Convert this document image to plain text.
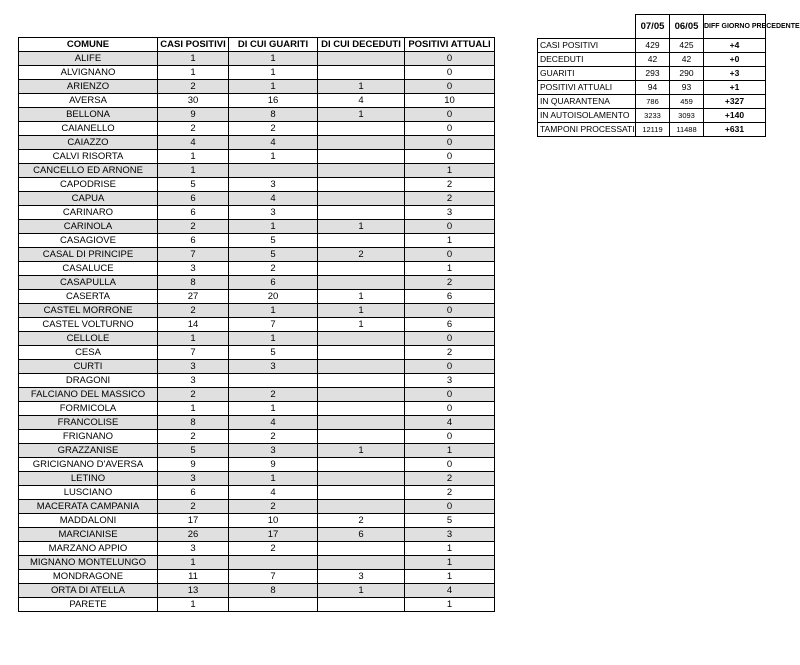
COMUNE	CASI POSITIVI	DI CUI GUARITI	DI CUI DECEDUTI	POSITIVI ATTUALI
ALIFE	1	1		0
ALVIGNANO	1	1		0
ARIENZO	2	1	1	0
AVERSA	30	16	4	10
BELLONA	9	8	1	0
CAIANELLO	2	2		0
CAIAZZO	4	4		0
CALVI RISORTA	1	1		0
CANCELLO ED ARNONE	1			1
CAPODRISE	5	3		2
CAPUA	6	4		2
CARINARO	6	3		3
CARINOLA	2	1	1	0
CASAGIOVE	6	5		1
CASAL DI PRINCIPE	7	5	2	0
CASALUCE	3	2		1
CASAPULLA	8	6		2
CASERTA	27	20	1	6
CASTEL MORRONE	2	1	1	0
CASTEL VOLTURNO	14	7	1	6
CELLOLE	1	1		0
CESA	7	5		2
CURTI	3	3		0
DRAGONI	3			3
FALCIANO DEL MASSICO	2	2		0
FORMICOLA	1	1		0
FRANCOLISE	8	4		4
FRIGNANO	2	2		0
GRAZZANISE	5	3	1	1
GRICIGNANO D'AVERSA	9	9		0
LETINO	3	1		2
LUSCIANO	6	4		2
MACERATA CAMPANIA	2	2		0
MADDALONI	17	10	2	5
MARCIANISE	26	17	6	3
MARZANO APPIO	3	2		1
MIGNANO MONTELUNGO	1			1
MONDRAGONE	11	7	3	1
ORTA DI ATELLA	13	8	1	4
PARETE	1			1
	07/05	06/05	DIFF GIORNO PRECEDENTE
CASI POSITIVI	429	425	+4
DECEDUTI	42	42	+0
GUARITI	293	290	+3
POSITIVI ATTUALI	94	93	+1
IN QUARANTENA	786	459	+327
IN AUTOISOLAMENTO	3233	3093	+140
TAMPONI PROCESSATI	12119	11488	+631
